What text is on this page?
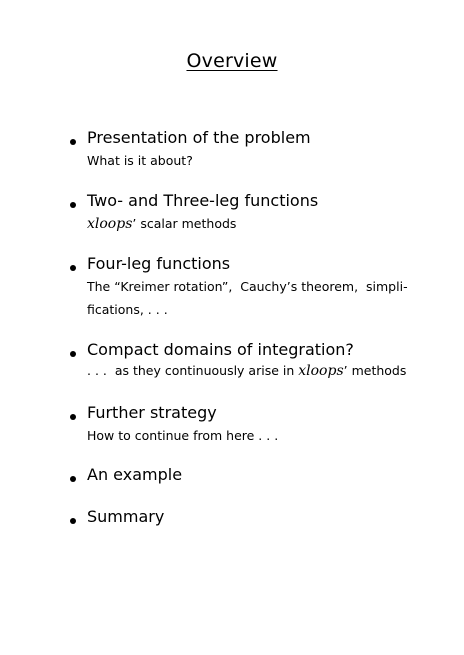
Overview
Presentation of the problem
What is it about?
Two- and Three-leg functions
xloops’ scalar methods
Four-leg functions
The “Kreimer rotation”,  Cauchy’s theorem,  simpli-
fications, . . .
Compact domains of integration?
. . .  as they continuously arise in xloops’ methods
Further strategy
How to continue from here . . .
An example
Summary
